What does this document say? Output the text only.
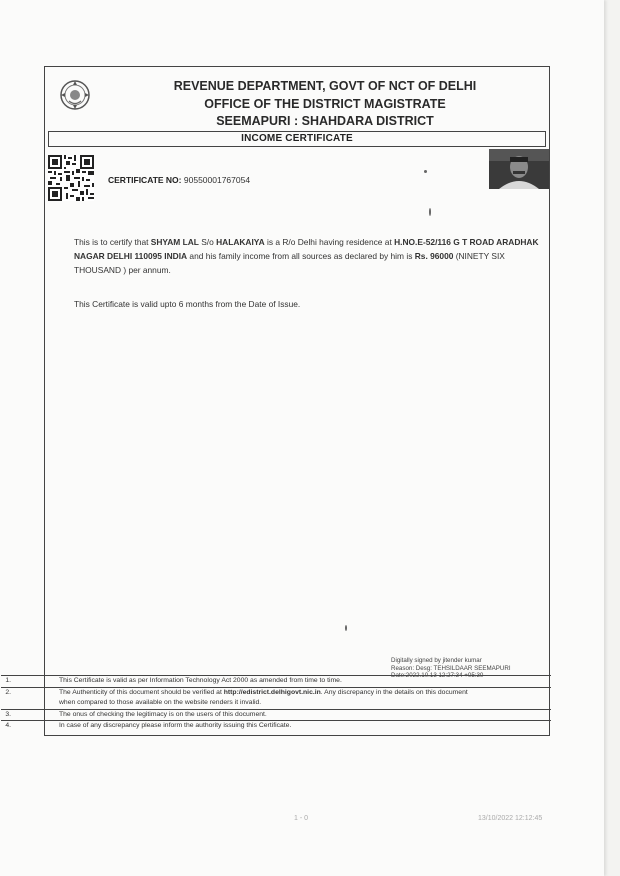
REVENUE DEPARTMENT, GOVT OF NCT OF DELHI
OFFICE OF THE DISTRICT MAGISTRATE
SEEMAPURI : SHAHDARA DISTRICT
INCOME CERTIFICATE
CERTIFICATE NO: 90550001767054
This is to certify that SHYAM LAL S/o HALAKAIYA is a R/o Delhi having residence at H.NO.E-52/116 G T ROAD ARADHAK NAGAR DELHI 110095 INDIA and his family income from all sources as declared by him is Rs. 96000 (NINETY SIX THOUSAND ) per annum.
This Certificate is valid upto 6 months from the Date of Issue.
Digitally signed by jitender kumar
Reason: Desg: TEHSILDAAR SEEMAPURI
Date:2022.10.13 12:27:34 +05:30
1.	This Certificate is valid as per Information Technology Act 2000 as amended from time to time.
2.	The Authenticity of this document should be verified at http://edistrict.delhigovt.nic.in. Any discrepancy in the details on this document
when compared to those available on the website renders it invalid.
3.	The onus of checking the legitimacy is on the users of this document.
4.	In case of any discrepancy please inform the authority issuing this Certificate.
1 - 0	13/10/2022 12:12:45
